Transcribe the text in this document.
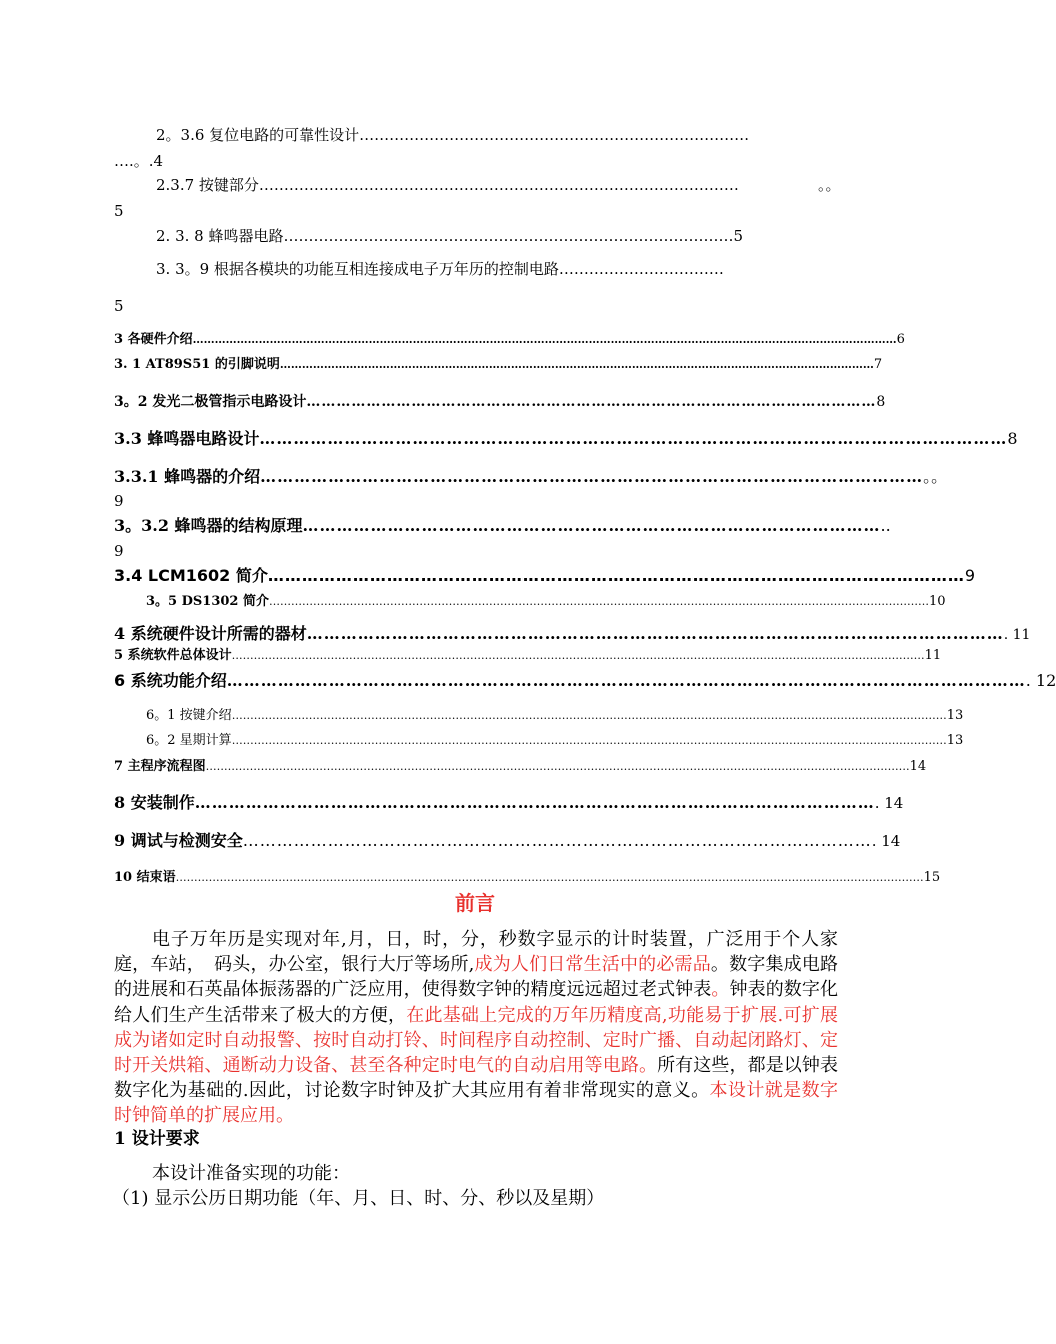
2。3.6 复位电路的可靠性设计……………………………………………………………………
….。.4
2.3.7 按键部分……………………………………………………………………………………	。。
5
2. 3. 8 蜂鸣器电路………………………………………………………………………………5
3. 3。9 根据各模块的功能互相连接成电子万年历的控制电路……………………………
5
3 各硬件介绍 ………………………………………………………………………………………………………………………………………………………………………… 6
3. 1 AT89S51 的引脚说明 ……………………………………………………………………………………………………………………………………………… 7
3。2 发光二极管指示电路设计 …………………………………………………………………………………………………… 8
3.3 蜂鸣器电路设计 …………………………………………………………………………………………………………………… 8
3.3.1 蜂鸣器的介绍 ……………………………………………………………………………………………………… 。。
9
3。3.2 蜂鸣器的结构原理 ………………………………………………………………………………………… ..
9
3.4 LCM1602 简介 …………………………………………………………………………………………………………… 9
3。5 DS1302 简介 ……………………………………………………………………………………………………………………………………………………………… 10
4 系统硬件设计所需的器材 …………………………………………………………………………………………………………… . 11
5 系统软件总体设计 ……………………………………………………………………………………………………………………………………………………………………… 11
6 系统功能介绍 …………………………………………………………………………………………………………………………… . 12
6。1 按键介绍 …………………………………………………………………………………………………………………………………………………………………………… 13
6。2 星期计算 …………………………………………………………………………………………………………………………………………………………………………… 13
7 主程序流程图 ………………………………………………………………………………………………………………………………………………………………………… 14
8 安装制作 ………………………………………………………………………………………………………… . 14
9 调试与检测安全 ………………………………………………………………………………………………… . 14
10 结束语 …………………………………………………………………………………………………………………………………………………………………………………… 15
前言
电子万年历是实现对年,月，日，时，分，秒数字显示的计时装置，广泛用于个人家庭，车站，　码头，办公室，银行大厅等场所,成为人们日常生活中的必需品。数字集成电路的进展和石英晶体振荡器的广泛应用，使得数字钟的精度远远超过老式钟表。钟表的数字化给人们生产生活带来了极大的方便，在此基础上完成的万年历精度高,功能易于扩展.可扩展成为诸如定时自动报警、按时自动打铃、时间程序自动控制、定时广播、自动起闭路灯、定时开关烘箱、通断动力设备、甚至各种定时电气的自动启用等电路。所有这些，都是以钟表数字化为基础的.因此，讨论数字时钟及扩大其应用有着非常现实的意义。本设计就是数字时钟简单的扩展应用。
1 设计要求
本设计准备实现的功能：
（1) 显示公历日期功能（年、月、日、时、分、秒以及星期）
